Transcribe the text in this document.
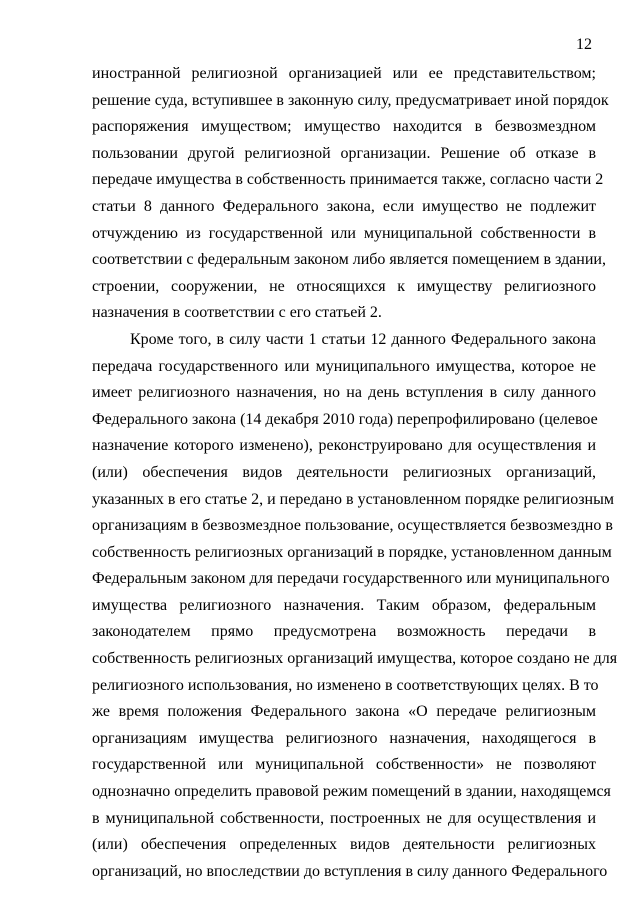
12
иностранной религиозной организацией или ее представительством;
решение суда, вступившее в законную силу, предусматривает иной порядок
распоряжения имуществом; имущество находится в безвозмездном
пользовании другой религиозной организации. Решение об отказе в
передаче имущества в собственность принимается также, согласно части 2
статьи 8 данного Федерального закона, если имущество не подлежит
отчуждению из государственной или муниципальной собственности в
соответствии с федеральным законом либо является помещением в здании,
строении, сооружении, не относящихся к имуществу религиозного
назначения в соответствии с его статьей 2.
Кроме того, в силу части 1 статьи 12 данного Федерального закона
передача государственного или муниципального имущества, которое не
имеет религиозного назначения, но на день вступления в силу данного
Федерального закона (14 декабря 2010 года) перепрофилировано (целевое
назначение которого изменено), реконструировано для осуществления и
(или) обеспечения видов деятельности религиозных организаций,
указанных в его статье 2, и передано в установленном порядке религиозным
организациям в безвозмездное пользование, осуществляется безвозмездно в
собственность религиозных организаций в порядке, установленном данным
Федеральным законом для передачи государственного или муниципального
имущества религиозного назначения. Таким образом, федеральным
законодателем прямо предусмотрена возможность передачи в
собственность религиозных организаций имущества, которое создано не для
религиозного использования, но изменено в соответствующих целях. В то
же время положения Федерального закона «О передаче религиозным
организациям имущества религиозного назначения, находящегося в
государственной или муниципальной собственности» не позволяют
однозначно определить правовой режим помещений в здании, находящемся
в муниципальной собственности, построенных не для осуществления и
(или) обеспечения определенных видов деятельности религиозных
организаций, но впоследствии до вступления в силу данного Федерального
